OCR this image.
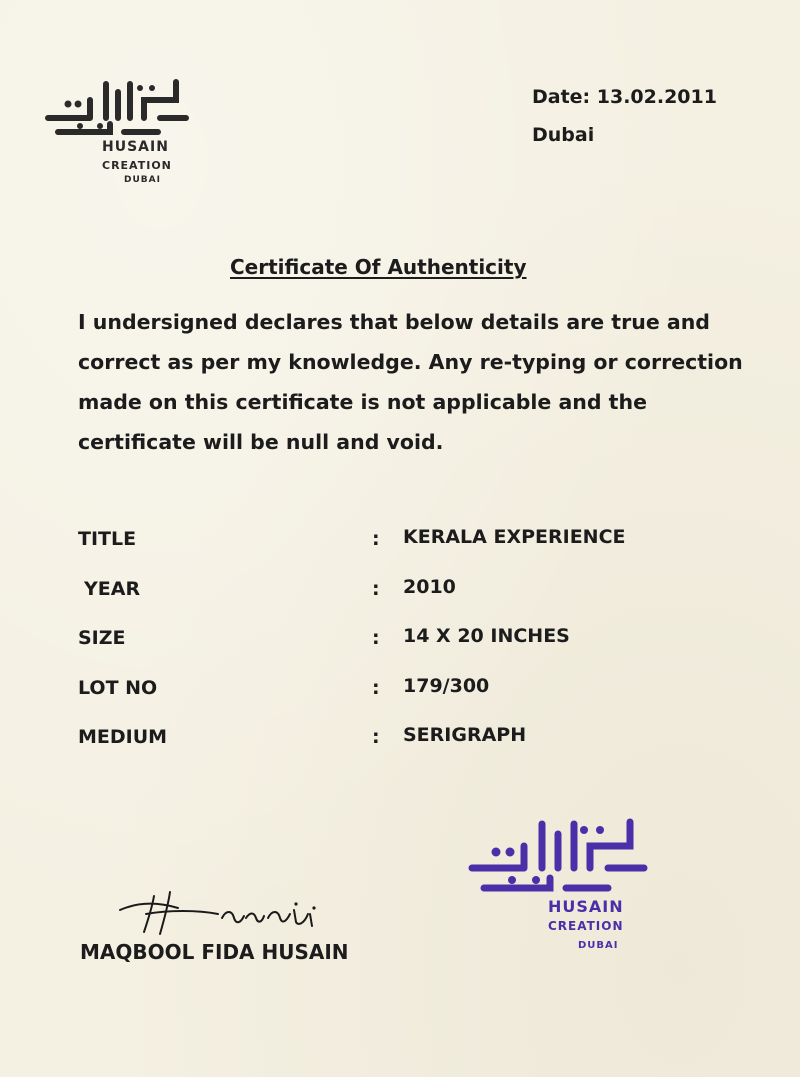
HUSAIN
CREATION
DUBAI
Date: 13.02.2011
Dubai
Certificate Of Authenticity
I undersigned declares that below details are true and correct as per my knowledge. Any re-typing or correction made on this certificate is not applicable and the certificate will be null and void.
TITLE	: KERALA EXPERIENCE
YEAR	: 2010
SIZE	: 14 X 20 INCHES
LOT NO	: 179/300
MEDIUM	: SERIGRAPH
MAQBOOL FIDA HUSAIN
HUSAIN
CREATION
DUBAI
